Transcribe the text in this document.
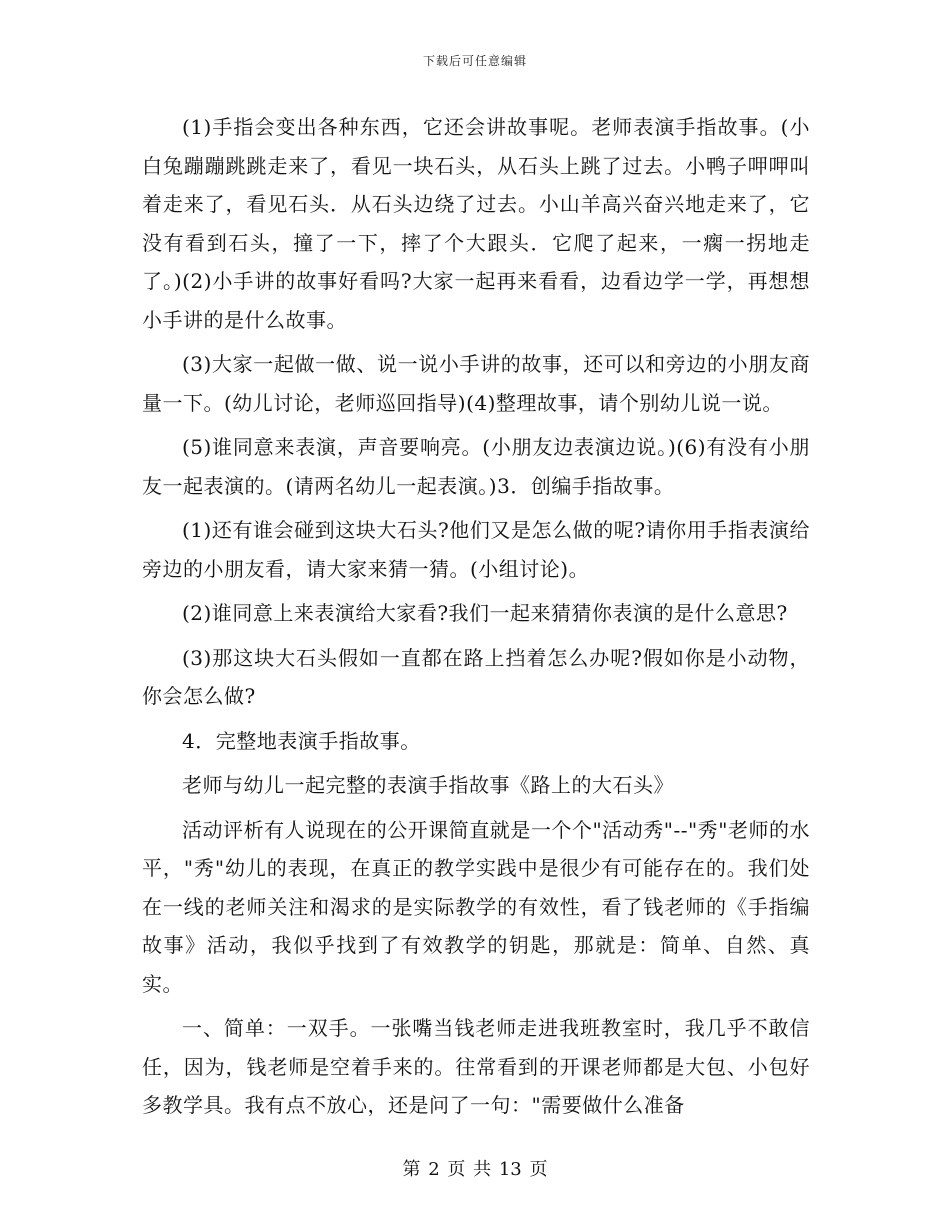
下载后可任意编辑

(1)手指会变出各种东西，它还会讲故事呢。老师表演手指故事。(小白兔蹦蹦跳跳走来了，看见一块石头，从石头上跳了过去。小鸭子呷呷叫着走来了，看见石头．从石头边绕了过去。小山羊高兴奋兴地走来了，它没有看到石头，撞了一下，摔了个大跟头．它爬了起来，一瘸一拐地走了。)(2)小手讲的故事好看吗?大家一起再来看看，边看边学一学，再想想小手讲的是什么故事。

(3)大家一起做一做、说一说小手讲的故事，还可以和旁边的小朋友商量一下。(幼儿讨论，老师巡回指导)(4)整理故事，请个别幼儿说一说。

(5)谁同意来表演，声音要响亮。(小朋友边表演边说。)(6)有没有小朋友一起表演的。(请两名幼儿一起表演。)3．创编手指故事。

(1)还有谁会碰到这块大石头?他们又是怎么做的呢?请你用手指表演给旁边的小朋友看，请大家来猜一猜。(小组讨论)。

(2)谁同意上来表演给大家看?我们一起来猜猜你表演的是什么意思?

(3)那这块大石头假如一直都在路上挡着怎么办呢?假如你是小动物，你会怎么做?

4．完整地表演手指故事。

老师与幼儿一起完整的表演手指故事《路上的大石头》

活动评析有人说现在的公开课简直就是一个个"活动秀"--"秀"老师的水平，"秀"幼儿的表现，在真正的教学实践中是很少有可能存在的。我们处在一线的老师关注和渴求的是实际教学的有效性，看了钱老师的《手指编故事》活动，我似乎找到了有效教学的钥匙，那就是：简单、自然、真实。

一、简单：一双手。一张嘴当钱老师走进我班教室时，我几乎不敢信任，因为，钱老师是空着手来的。往常看到的开课老师都是大包、小包好多教学具。我有点不放心，还是问了一句："需要做什么准备

第 2 页 共 13 页
